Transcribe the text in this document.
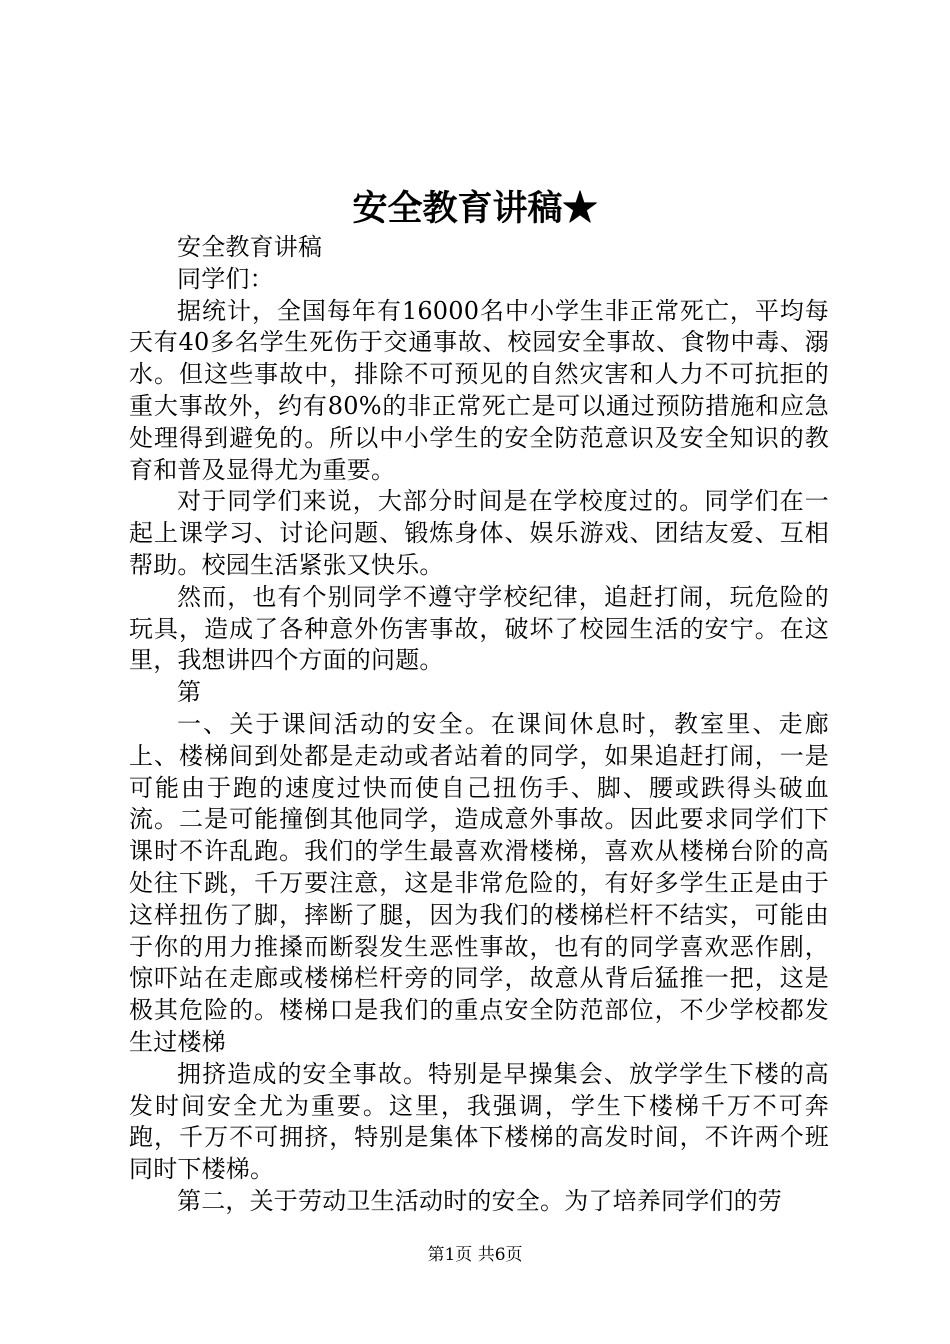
安全教育讲稿★

安全教育讲稿

同学们：

据统计，全国每年有16000名中小学生非正常死亡，平均每天有40多名学生死伤于交通事故、校园安全事故、食物中毒、溺水。但这些事故中，排除不可预见的自然灾害和人力不可抗拒的重大事故外，约有80%的非正常死亡是可以通过预防措施和应急处理得到避免的。所以中小学生的安全防范意识及安全知识的教育和普及显得尤为重要。

对于同学们来说，大部分时间是在学校度过的。同学们在一起上课学习、讨论问题、锻炼身体、娱乐游戏、团结友爱、互相帮助。校园生活紧张又快乐。

然而，也有个别同学不遵守学校纪律，追赶打闹，玩危险的玩具，造成了各种意外伤害事故，破坏了校园生活的安宁。在这里，我想讲四个方面的问题。

第

一、关于课间活动的安全。在课间休息时，教室里、走廊上、楼梯间到处都是走动或者站着的同学，如果追赶打闹，一是可能由于跑的速度过快而使自己扭伤手、脚、腰或跌得头破血流。二是可能撞倒其他同学，造成意外事故。因此要求同学们下课时不许乱跑。我们的学生最喜欢滑楼梯，喜欢从楼梯台阶的高处往下跳，千万要注意，这是非常危险的，有好多学生正是由于这样扭伤了脚，摔断了腿，因为我们的楼梯栏杆不结实，可能由于你的用力推搡而断裂发生恶性事故，也有的同学喜欢恶作剧，惊吓站在走廊或楼梯栏杆旁的同学，故意从背后猛推一把，这是极其危险的。楼梯口是我们的重点安全防范部位，不少学校都发生过楼梯

拥挤造成的安全事故。特别是早操集会、放学学生下楼的高发时间安全尤为重要。这里，我强调，学生下楼梯千万不可奔跑，千万不可拥挤，特别是集体下楼梯的高发时间，不许两个班同时下楼梯。

第二，关于劳动卫生活动时的安全。为了培养同学们的劳

第1页 共6页
